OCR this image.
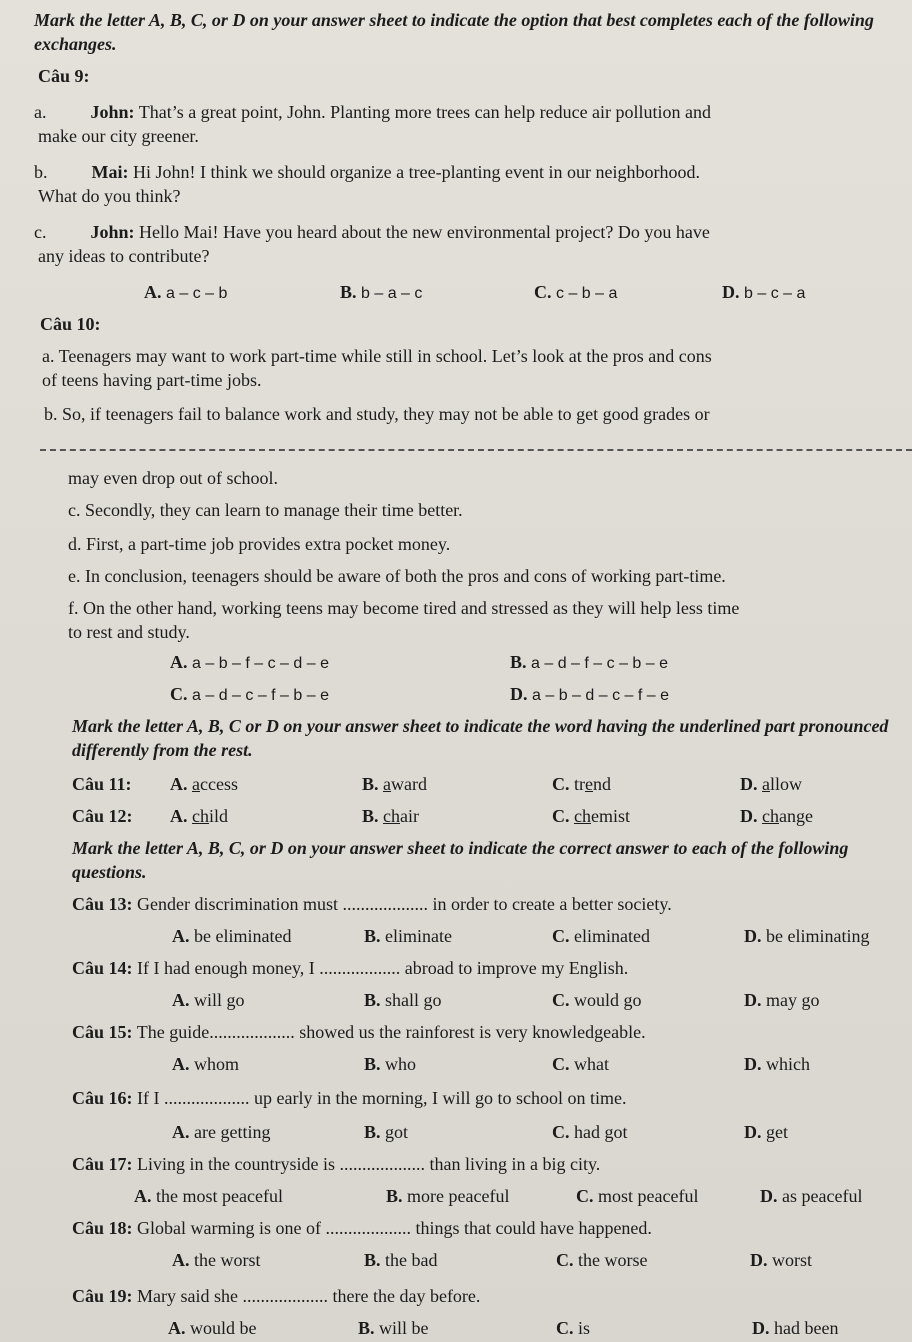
Mark the letter A, B, C, or D on your answer sheet to indicate the option that best completes each of the following exchanges.
Câu 9:
a. John: That’s a great point, John. Planting more trees can help reduce air pollution and
make our city greener.
b. Mai: Hi John! I think we should organize a tree-planting event in our neighborhood.
What do you think?
c. John: Hello Mai! Have you heard about the new environmental project? Do you have
any ideas to contribute?
A. a – c – b	B. b – a – c	C. c – b – a	D. b – c – a
Câu 10:
a. Teenagers may want to work part-time while still in school. Let’s look at the pros and cons
of teens having part-time jobs.
b. So, if teenagers fail to balance work and study, they may not be able to get good grades or
may even drop out of school.
c. Secondly, they can learn to manage their time better.
d. First, a part-time job provides extra pocket money.
e. In conclusion, teenagers should be aware of both the pros and cons of working part-time.
f. On the other hand, working teens may become tired and stressed as they will help less time
to rest and study.
A. a – b – f – c – d – e	B. a – d – f – c – b – e
C. a – d – c – f – b – e	D. a – b – d – c – f – e
Mark the letter A, B, C or D on your answer sheet to indicate the word having the underlined part pronounced differently from the rest.
Câu 11: A. access	B. award	C. trend	D. allow
Câu 12: A. child	B. chair	C. chemist	D. change
Mark the letter A, B, C, or D on your answer sheet to indicate the correct answer to each of the following questions.
Câu 13: Gender discrimination must ................... in order to create a better society.
A. be eliminated	B. eliminate	C. eliminated	D. be eliminating
Câu 14: If I had enough money, I .................. abroad to improve my English.
A. will go	B. shall go	C. would go	D. may go
Câu 15: The guide................... showed us the rainforest is very knowledgeable.
A. whom	B. who	C. what	D. which
Câu 16: If I ................... up early in the morning, I will go to school on time.
A. are getting	B. got	C. had got	D. get
Câu 17: Living in the countryside is ................... than living in a big city.
A. the most peaceful	B. more peaceful	C. most peaceful	D. as peaceful
Câu 18: Global warming is one of ................... things that could have happened.
A. the worst	B. the bad	C. the worse	D. worst
Câu 19: Mary said she ................... there the day before.
A. would be	B. will be	C. is	D. had been
